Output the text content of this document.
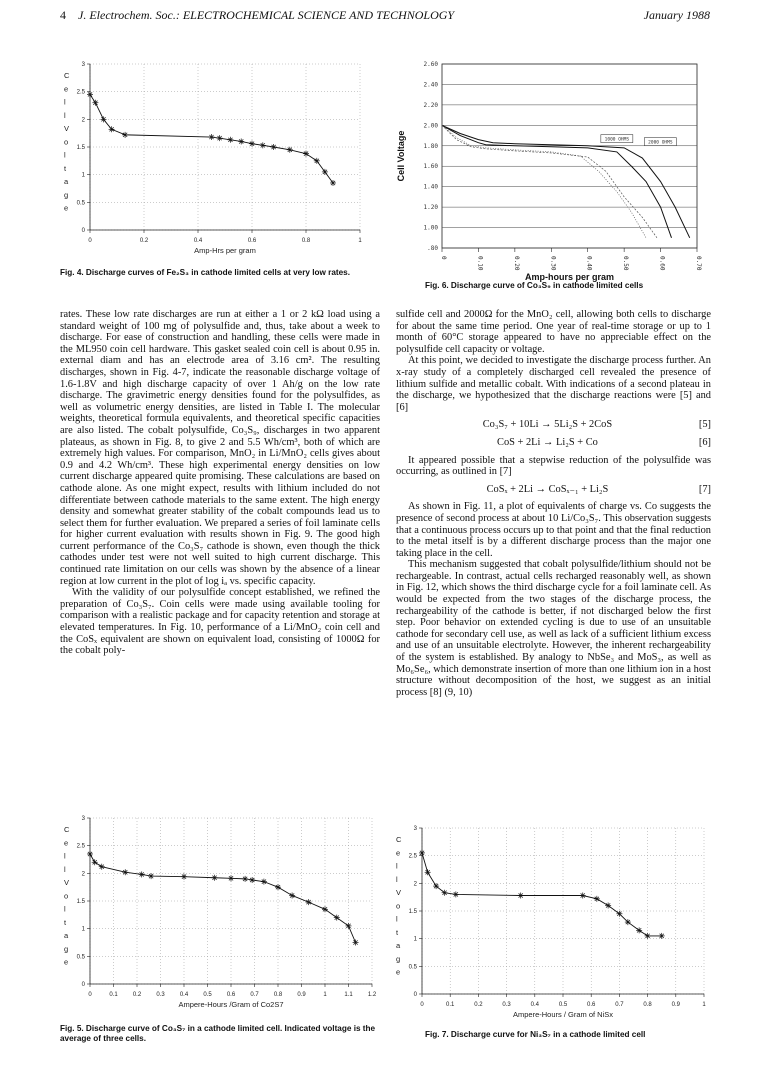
4 J. Electrochem. Soc.: ELECTROCHEMICAL SCIENCE AND TECHNOLOGY	January 1988
0	0.2	0.4	0.6	0.8	1
0
0.5
1
1.5
2
2.5
3
Amp-Hrs per gram
C
e
l
l
V
o
l
t
a
g
e
Fig. 4. Discharge curves of Fe₂S₃ in cathode limited cells at very low rates.
.80
1.00
1.20
1.40
1.60
1.80
2.00
2.20
2.40
2.60
0	0.10	0.20	0.30	0.40	0.50	0.60	0.70
Amp-hours per gram
Cell Voltage	1000 OHMS
2000 OHMS
Fig. 6. Discharge curve of Co₃S₉ in cathode limited cells

rates. These low rate discharges are run at either a 1 or 2 kΩ load using a standard weight of 100 mg of polysulfide and, thus, take about a week to discharge. For ease of construction and handling, these cells were made in the ML950 coin cell hardware. This gasket sealed coin cell is about 0.95 in. external diam and has an electrode area of 3.16 cm². The resulting discharges, shown in Fig. 4-7, indicate the reasonable discharge voltage of 1.6-1.8V and high discharge capacity of over 1 Ah/g on the low rate discharge. The gravimetric energy densities found for the polysulfides, as well as volumetric energy densities, are listed in Table I. The molecular weights, theoretical formula equivalents, and theoretical specific capacities are also listed. The cobalt polysulfide, Co₃S₉, discharges in two apparent plateaus, as shown in Fig. 8, to give 2 and 5.5 Wh/cm³, both of which are extremely high values. For comparison, MnO₂ in Li/MnO₂ cells gives about 0.9 and 4.2 Wh/cm³. These high experimental energy densities on low current discharge appeared quite promising. These calculations are based on cathode alone. As one might expect, results with lithium included do not differentiate between cathode materials to the same extent. The high energy density and somewhat greater stability of the cobalt compounds lead us to select them for further evaluation. We prepared a series of foil laminate cells for higher current evaluation with results shown in Fig. 9. The good high current performance of the Co₃S₇ cathode is shown, even though the thick cathodes under test were not well suited to high current discharge. This continued rate limitation on our cells was shown by the absence of a linear region at low current in the plot of log iₐ vs. specific capacity.

With the validity of our polysulfide concept established, we refined the preparation of Co₃S₇. Coin cells were made using available tooling for comparison with a realistic package and for capacity retention and storage at elevated temperatures. In Fig. 10, performance of a Li/MnO₂ coin cell and the CoSₓ equivalent are shown on equivalent load, consisting of 1000Ω for the cobalt poly-

sulfide cell and 2000Ω for the MnO₂ cell, allowing both cells to discharge for about the same time period. One year of real-time storage or up to 1 month of 60°C storage appeared to have no appreciable effect on the polysulfide cell capacity or voltage.

At this point, we decided to investigate the discharge process further. An x-ray study of a completely discharged cell revealed the presence of lithium sulfide and metallic cobalt. With indications of a second plateau in the discharge, we hypothesized that the discharge reactions were [5] and [6]

Co₃S₇ + 10Li → 5Li₂S + 2CoS	[5]
CoS + 2Li → Li₂S + Co	[6]

It appeared possible that a stepwise reduction of the polysulfide was occurring, as outlined in [7]

CoSₓ + 2Li → CoSₓ₋₁ + Li₂S	[7]

As shown in Fig. 11, a plot of equivalents of charge vs. Co suggests the presence of second process at about 10 Li/Co₃S₇. This observation suggests that a continuous process occurs up to that point and that the final reduction to the metal itself is by a different discharge process than the major one taking place in the cell.

This mechanism suggested that cobalt polysulfide/lithium should not be rechargeable. In contrast, actual cells recharged reasonably well, as shown in Fig. 12, which shows the third discharge cycle for a foil laminate cell. As would be expected from the two stages of the discharge process, the rechargeability of the cathode is better, if not discharged below the first step. Poor behavior on extended cycling is due to use of an unsuitable cathode for secondary cell use, as well as lack of a sufficient lithium excess and use of an unsuitable electrolyte. However, the inherent rechargeability of the system is established. By analogy to NbSe₃ and MoS₃, as well as Mo₆Se₆, which demonstrate insertion of more than one lithium ion in a host structure without decomposition of the host, we suggest as an initial process [8] (9, 10)

0	0.1	0.2	0.3	0.4	0.5	0.6	0.7	0.8	0.9	1	1.1	1.2
0
0.5
1
1.5
2
2.5
3
Ampere-Hours /Gram of Co2S7
C
e
l
l
V
o
l
t
a
g
e
Fig. 5. Discharge curve of Co₃S₇ in a cathode limited cell. Indicated voltage is the average of three cells.
0	0.1	0.2	0.3	0.4	0.5	0.6	0.7	0.8	0.9	1
0
0.5
1
1.5
2
2.5
3
Ampere-Hours / Gram of NiSx
C
e
l
l
V
o
l
t
a
g
e
Fig. 7. Discharge curve for Ni₃S₇ in a cathode limited cell
